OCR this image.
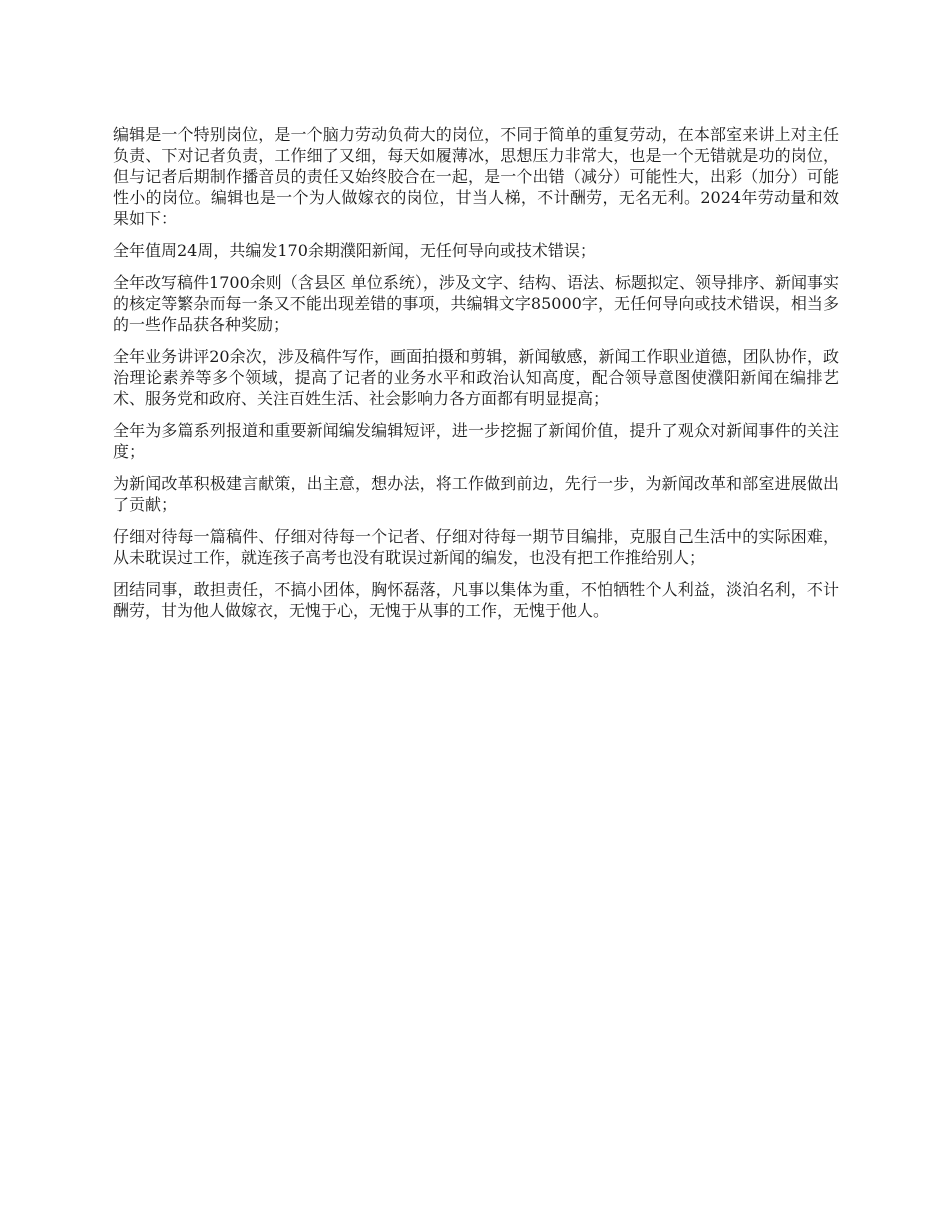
编辑是一个特别岗位，是一个脑力劳动负荷大的岗位，不同于简单的重复劳动，在本部室来讲上对主任负责、下对记者负责，工作细了又细，每天如履薄冰，思想压力非常大，也是一个无错就是功的岗位，但与记者后期制作播音员的责任又始终胶合在一起，是一个出错（减分）可能性大，出彩（加分）可能性小的岗位。编辑也是一个为人做嫁衣的岗位，甘当人梯，不计酬劳，无名无利。2024年劳动量和效果如下：

全年值周24周，共编发170余期濮阳新闻，无任何导向或技术错误；

全年改写稿件1700余则（含县区 单位系统），涉及文字、结构、语法、标题拟定、领导排序、新闻事实的核定等繁杂而每一条又不能出现差错的事项，共编辑文字85000字，无任何导向或技术错误，相当多的一些作品获各种奖励；

全年业务讲评20余次，涉及稿件写作，画面拍摄和剪辑，新闻敏感，新闻工作职业道德，团队协作，政治理论素养等多个领域，提高了记者的业务水平和政治认知高度，配合领导意图使濮阳新闻在编排艺术、服务党和政府、关注百姓生活、社会影响力各方面都有明显提高；

全年为多篇系列报道和重要新闻编发编辑短评，进一步挖掘了新闻价值，提升了观众对新闻事件的关注度；

为新闻改革积极建言献策，出主意，想办法，将工作做到前边，先行一步，为新闻改革和部室进展做出了贡献；

仔细对待每一篇稿件、仔细对待每一个记者、仔细对待每一期节目编排，克服自己生活中的实际困难，从未耽误过工作，就连孩子高考也没有耽误过新闻的编发，也没有把工作推给别人；

团结同事，敢担责任，不搞小团体，胸怀磊落，凡事以集体为重，不怕牺牲个人利益，淡泊名利，不计酬劳，甘为他人做嫁衣，无愧于心，无愧于从事的工作，无愧于他人。
